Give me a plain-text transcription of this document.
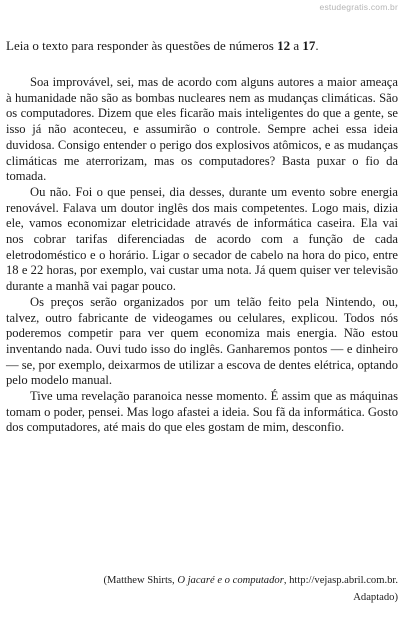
estudegratis.com.br
Leia o texto para responder às questões de números 12 a 17.

Soa improvável, sei, mas de acordo com alguns autores a maior ameaça à humanidade não são as bombas nucleares nem as mudanças climáticas. São os computadores. Dizem que eles ficarão mais inteligentes do que a gente, se isso já não aconteceu, e assumirão o controle. Sempre achei essa ideia duvidosa. Consigo entender o perigo dos explosivos atômicos, e as mudanças climáticas me aterrorizam, mas os computadores? Basta puxar o fio da tomada.

Ou não. Foi o que pensei, dia desses, durante um evento sobre energia renovável. Falava um doutor inglês dos mais competentes. Logo mais, dizia ele, vamos economizar eletricidade através de informática caseira. Ela vai nos cobrar tarifas diferenciadas de acordo com a função de cada eletrodoméstico e o horário. Ligar o secador de cabelo na hora do pico, entre 18 e 22 horas, por exemplo, vai custar uma nota. Já quem quiser ver televisão durante a manhã vai pagar pouco.

Os preços serão organizados por um telão feito pela Nintendo, ou, talvez, outro fabricante de videogames ou celulares, explicou. Todos nós poderemos competir para ver quem economiza mais energia. Não estou inventando nada. Ouvi tudo isso do inglês. Ganharemos pontos — e dinheiro — se, por exemplo, deixarmos de utilizar a escova de dentes elétrica, optando pelo modelo manual.

Tive uma revelação paranoica nesse momento. É assim que as máquinas tomam o poder, pensei. Mas logo afastei a ideia. Sou fã da informática. Gosto dos computadores, até mais do que eles gostam de mim, desconfio.

(Matthew Shirts, O jacaré e o computador, http://vejasp.abril.com.br.
Adaptado)
